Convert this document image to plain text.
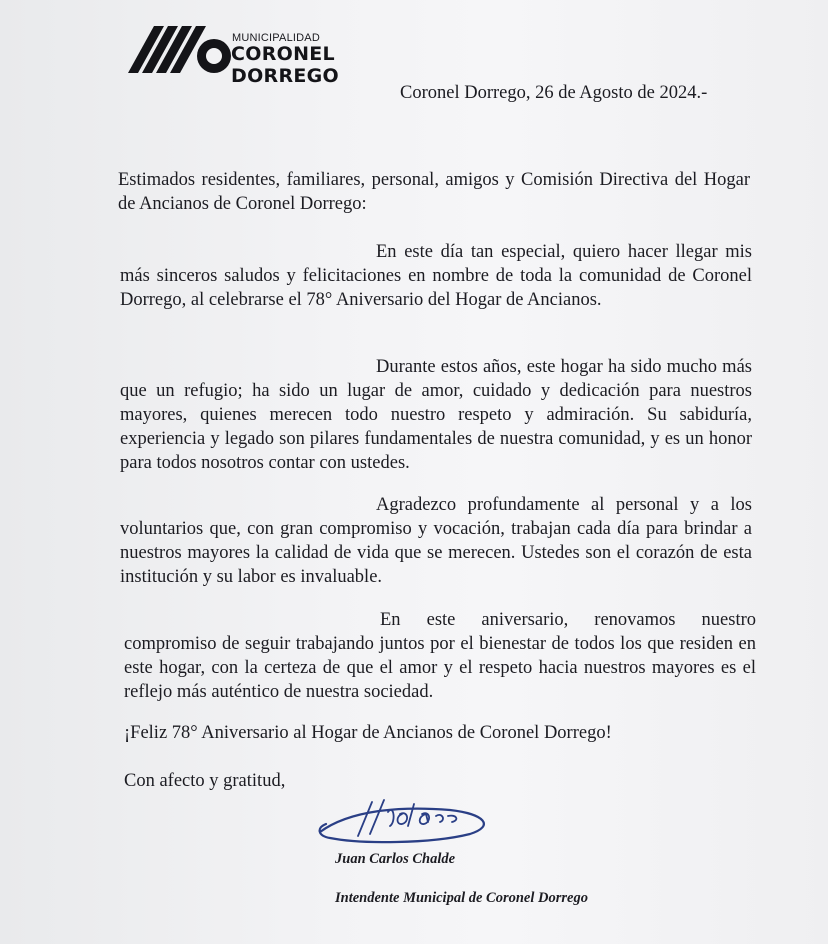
MUNICIPALIDAD
CORONEL DORREGO
Coronel Dorrego, 26 de Agosto de 2024.-

Estimados residentes, familiares, personal, amigos y Comisión Directiva del Hogar de Ancianos de Coronel Dorrego:

En este día tan especial, quiero hacer llegar mis más sinceros saludos y felicitaciones en nombre de toda la comunidad de Coronel Dorrego, al celebrarse el 78° Aniversario del Hogar de Ancianos.

Durante estos años, este hogar ha sido mucho más que un refugio; ha sido un lugar de amor, cuidado y dedicación para nuestros mayores, quienes merecen todo nuestro respeto y admiración. Su sabiduría, experiencia y legado son pilares fundamentales de nuestra comunidad, y es un honor para todos nosotros contar con ustedes.

Agradezco profundamente al personal y a los voluntarios que, con gran compromiso y vocación, trabajan cada día para brindar a nuestros mayores la calidad de vida que se merecen. Ustedes son el corazón de esta institución y su labor es invaluable.

En este aniversario, renovamos nuestro compromiso de seguir trabajando juntos por el bienestar de todos los que residen en este hogar, con la certeza de que el amor y el respeto hacia nuestros mayores es el reflejo más auténtico de nuestra sociedad.

¡Feliz 78° Aniversario al Hogar de Ancianos de Coronel Dorrego!
Con afecto y gratitud,
Juan Carlos Chalde
Intendente Municipal de Coronel Dorrego
